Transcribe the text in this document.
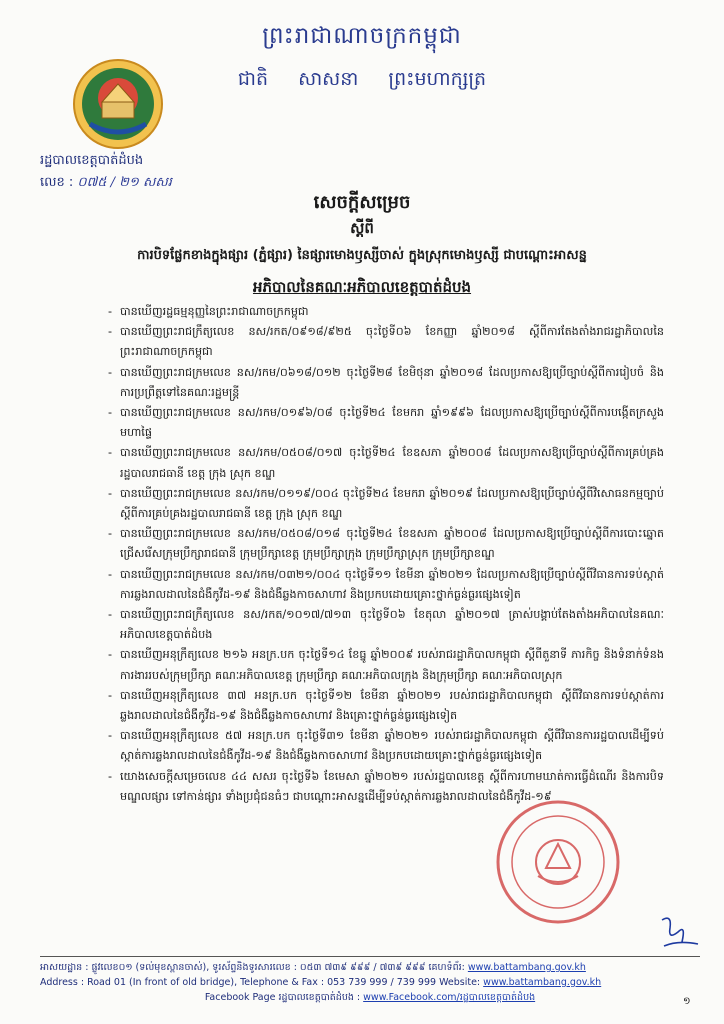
ព្រះរាជាណាចក្រកម្ពុជា
ជាតិ សាសនា ព្រះមហាក្សត្រ
រដ្ឋបាលខេត្តបាត់ដំបង
លេខ : ០៧៥ / ២១ សសរ
សេចក្តីសម្រេច
ស្តីពី
ការបិទផ្លែកខាងក្នុងផ្សារ (ភ្នំផ្សារ) នៃផ្សារមោងឫស្សីចាស់ ក្នុងស្រុកមោងឫស្សី ជាបណ្តោះអាសន្ន
អភិបាលនៃគណៈអភិបាលខេត្តបាត់ដំបង
- បានឃើញរដ្ឋធម្មនុញ្ញនៃព្រះរាជាណាចក្រកម្ពុជា
- បានឃើញព្រះរាជក្រឹត្យលេខ នស/រកត/០៩១៨/៩២៥ ចុះថ្ងៃទី០៦ ខែកញ្ញា ឆ្នាំ២០១៨ ស្តីពីការតែងតាំងរាជរដ្ឋាភិបាលនៃព្រះរាជាណាចក្រកម្ពុជា
- បានឃើញព្រះរាជក្រមលេខ នស/រកម/០៦១៨/០១២ ចុះថ្ងៃទី២៨ ខែមិថុនា ឆ្នាំ២០១៨ ដែលប្រកាសឱ្យប្រើច្បាប់ស្តីពីការរៀបចំ និងការប្រព្រឹត្តទៅនៃគណៈរដ្ឋមន្ត្រី
- បានឃើញព្រះរាជក្រមលេខ នស/រកម/០១៩៦/០៨ ចុះថ្ងៃទី២៤ ខែមករា ឆ្នាំ១៩៩៦ ដែលប្រកាសឱ្យប្រើច្បាប់ស្តីពីការបង្កើតក្រសួងមហាផ្ទៃ
- បានឃើញព្រះរាជក្រមលេខ នស/រកម/០៥០៨/០១៧ ចុះថ្ងៃទី២៤ ខែឧសភា ឆ្នាំ២០០៨ ដែលប្រកាសឱ្យប្រើច្បាប់ស្តីពីការគ្រប់គ្រងរដ្ឋបាលរាជធានី ខេត្ត ក្រុង ស្រុក ខណ្ឌ
- បានឃើញព្រះរាជក្រមលេខ នស/រកម/០១១៩/០០៤ ចុះថ្ងៃទី២៤ ខែមករា ឆ្នាំ២០១៩ ដែលប្រកាសឱ្យប្រើច្បាប់ស្តីពីវិសោធនកម្មច្បាប់ ស្តីពីការគ្រប់គ្រងរដ្ឋបាលរាជធានី ខេត្ត ក្រុង ស្រុក ខណ្ឌ
- បានឃើញព្រះរាជក្រមលេខ នស/រកម/០៥០៨/០១៨ ចុះថ្ងៃទី២៤ ខែឧសភា ឆ្នាំ២០០៨ ដែលប្រកាសឱ្យប្រើច្បាប់ស្តីពីការបោះឆ្នោតជ្រើសរើសក្រុមប្រឹក្សារាជធានី ក្រុមប្រឹក្សាខេត្ត ក្រុមប្រឹក្សាក្រុង ក្រុមប្រឹក្សាស្រុក ក្រុមប្រឹក្សាខណ្ឌ
- បានឃើញព្រះរាជក្រមលេខ នស/រកម/០៣២១/០០៤ ចុះថ្ងៃទី១១ ខែមីនា ឆ្នាំ២០២១ ដែលប្រកាសឱ្យប្រើច្បាប់ស្តីពីវិធានការទប់ស្កាត់ការឆ្លងរាលដាលនៃជំងឺកូវីដ-១៩ និងជំងឺឆ្លងកាចសាហាវ និងប្រកបដោយគ្រោះថ្នាក់ធ្ងន់ធ្ងរផ្សេងទៀត
- បានឃើញព្រះរាជក្រឹត្យលេខ នស/រកត/១០១៧/៧១៣ ចុះថ្ងៃទី០៦ ខែតុលា ឆ្នាំ២០១៧ ត្រាស់បង្គាប់តែងតាំងអភិបាលនៃគណៈអភិបាលខេត្តបាត់ដំបង
- បានឃើញអនុក្រឹត្យលេខ ២១៦ អនក្រ.បក ចុះថ្ងៃទី១៤ ខែធ្នូ ឆ្នាំ២០០៩ របស់រាជរដ្ឋាភិបាលកម្ពុជា ស្តីពីតួនាទី ភារកិច្ច និងទំនាក់ទំនងការងាររបស់ក្រុមប្រឹក្សា គណៈអភិបាលខេត្ត ក្រុមប្រឹក្សា គណៈអភិបាលក្រុង និងក្រុមប្រឹក្សា គណៈអភិបាលស្រុក
- បានឃើញអនុក្រឹត្យលេខ ៣៧ អនក្រ.បក ចុះថ្ងៃទី១២ ខែមីនា ឆ្នាំ២០២១ របស់រាជរដ្ឋាភិបាលកម្ពុជា ស្តីពីវិធានការទប់ស្កាត់ការឆ្លងរាលដាលនៃជំងឺកូវីដ-១៩ និងជំងឺឆ្លងកាចសាហាវ និងគ្រោះថ្នាក់ធ្ងន់ធ្ងរផ្សេងទៀត
- បានឃើញអនុក្រឹត្យលេខ ៥៧ អនក្រ.បក ចុះថ្ងៃទី៣១ ខែមីនា ឆ្នាំ២០២១ របស់រាជរដ្ឋាភិបាលកម្ពុជា ស្តីពីវិធានការរដ្ឋបាលដើម្បីទប់ស្កាត់ការឆ្លងរាលដាលនៃជំងឺកូវីដ-១៩ និងជំងឺឆ្លងកាចសាហាវ និងប្រកបដោយគ្រោះថ្នាក់ធ្ងន់ធ្ងរផ្សេងទៀត
- យោងសេចក្តីសម្រេចលេខ ៤៤ សសរ ចុះថ្ងៃទី៦ ខែមេសា ឆ្នាំ២០២១ របស់រដ្ឋបាលខេត្ត ស្តីពីការហាមឃាត់ការធ្វើដំណើរ និងការបិទមណ្ឌលផ្សារ ទៅកាន់ផ្សារ ទាំងប្រជុំជនធំៗ ជាបណ្តោះអាសន្នដើម្បីទប់ស្កាត់ការឆ្លងរាលដាលនៃជំងឺកូវីដ-១៩
អាសយដ្ឋាន : ផ្លូវលេខ០១ (ទល់មុខស្ពានចាស់), ទូរស័ព្ទនិងទូរសារលេខ : ០៥៣ ៧៣៩ ៩៩៩ / ៧៣៩ ៩៩៩ គេហទំព័រ: www.battambang.gov.kh
Address : Road 01 (In front of old bridge), Telephone & Fax : 053 739 999 / 739 999 Website: www.battambang.gov.kh
Facebook Page រដ្ឋបាលខេត្តបាត់ដំបង : www.Facebook.com/រដ្ឋបាលខេត្តបាត់ដំបង	១
